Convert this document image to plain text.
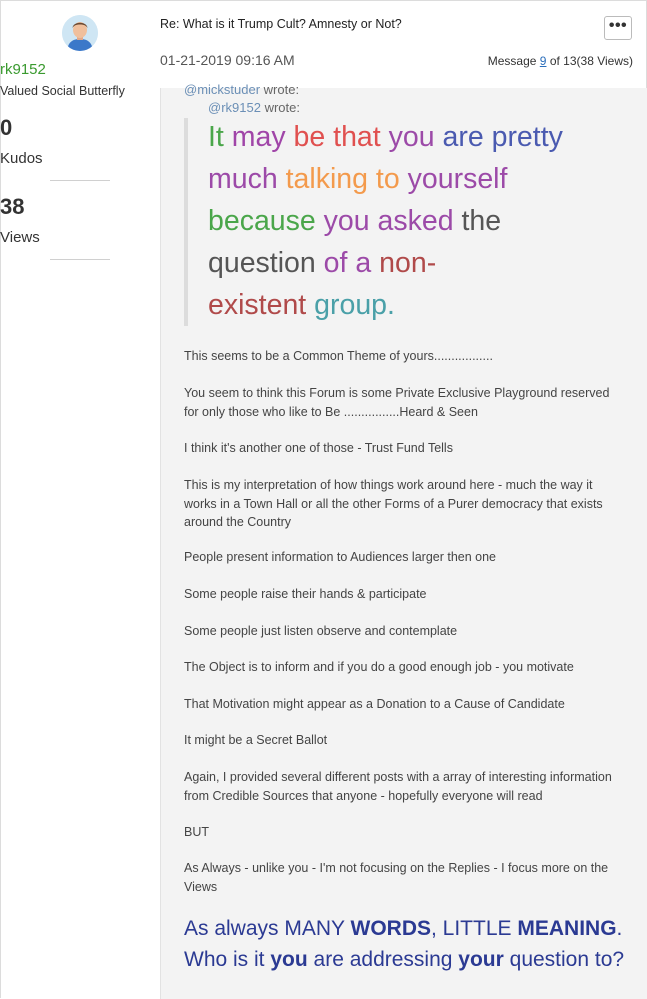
rk9152
Valued Social Butterfly
0
Kudos
38
Views
Re: What is it Trump Cult? Amnesty or Not?	•••
01-21-2019 09:16 AM	Message 9 of 13(38 Views)
@mickstuder wrote:
@rk9152 wrote:
It may be that you are pretty
much talking to yourself
because you asked the
question of a non-
existent group.
This seems to be a Common Theme of yours.................
You seem to think this Forum is some Private Exclusive Playground reserved for only those who like to Be ................Heard & Seen
I think it's another one of those - Trust Fund Tells
This is my interpretation of how things work around here - much the way it works in a Town Hall or all the other Forms of a Purer democracy that exists around the Country
People present information to Audiences larger then one
Some people raise their hands & participate
Some people just listen observe and contemplate
The Object is to inform and if you do a good enough job - you motivate
That Motivation might appear as a Donation to a Cause of Candidate
It might be a Secret Ballot
Again, I provided several different posts with a array of interesting information from Credible Sources that anyone - hopefully everyone will read
BUT
As Always - unlike you - I'm not focusing on the Replies - I focus more on the Views
As always MANY WORDS, LITTLE MEANING.
Who is it you are addressing your question to?
